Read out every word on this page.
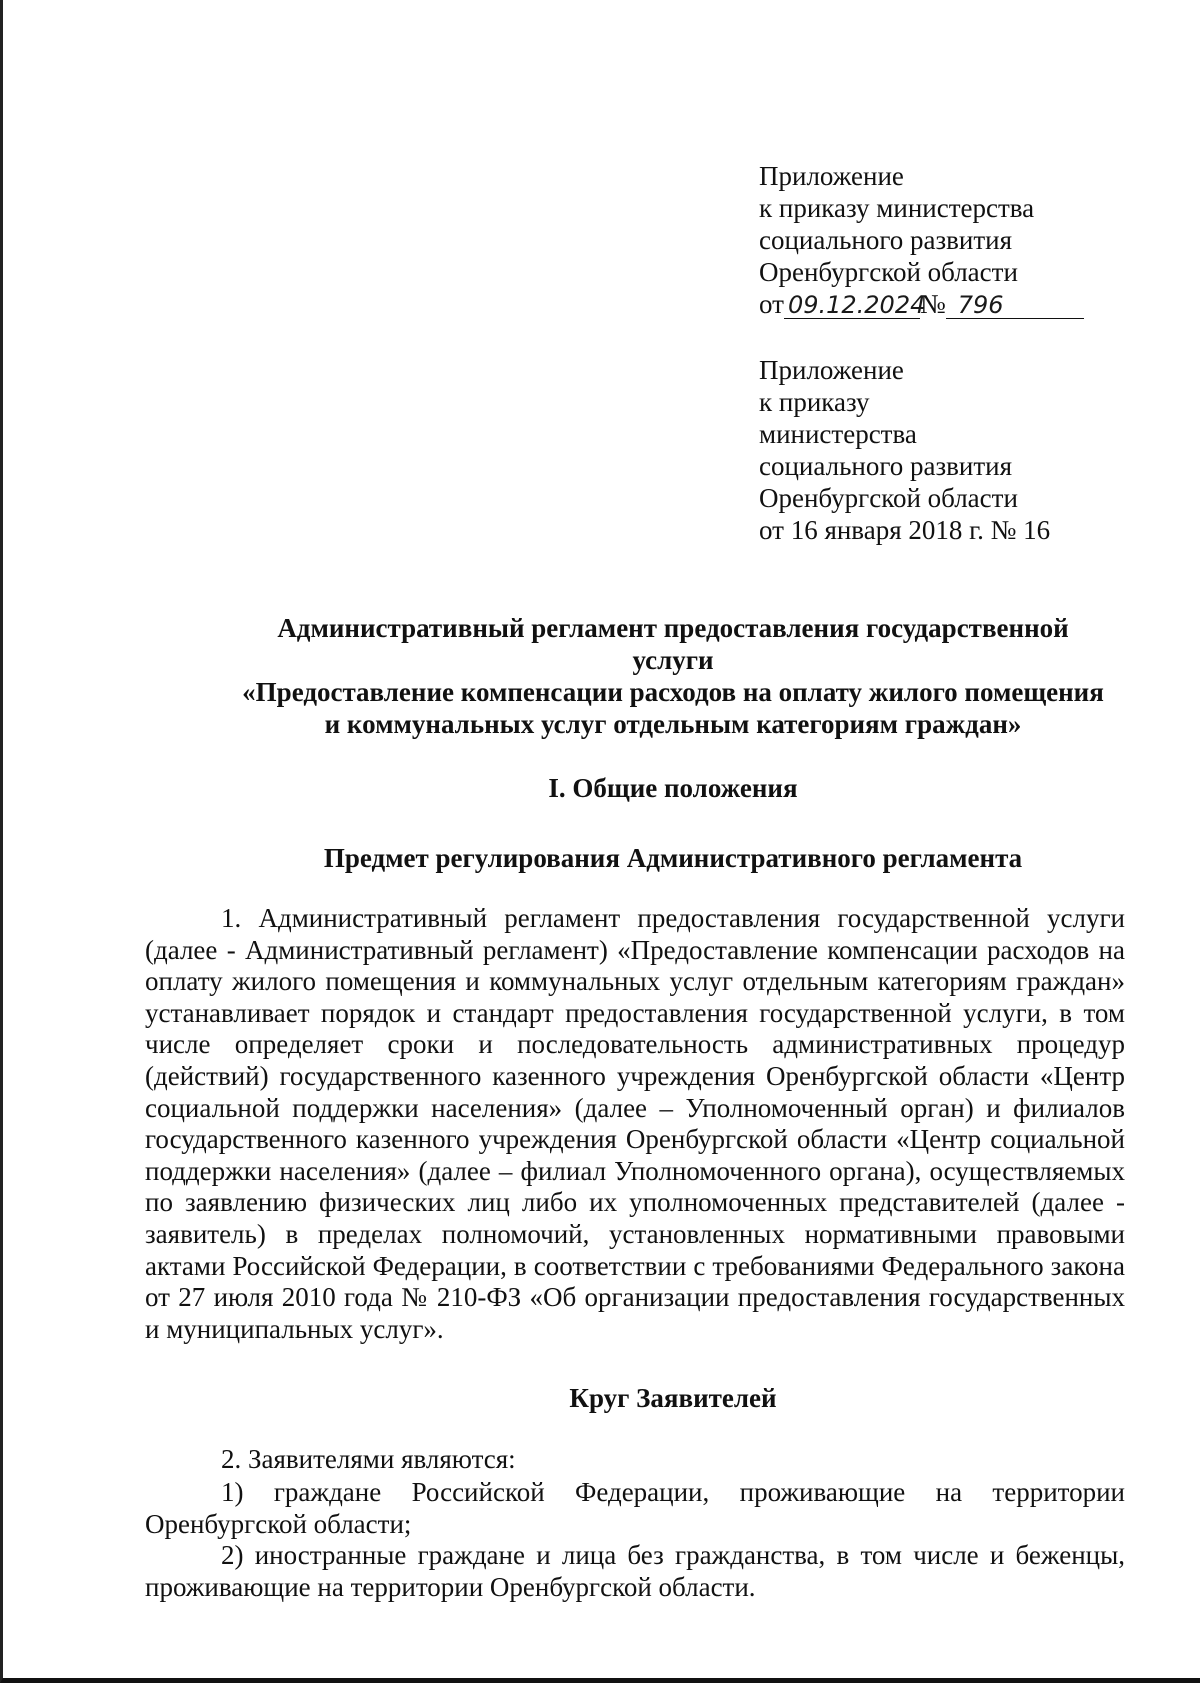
Приложение
к приказу министерства
социального развития
Оренбургской области
от 09.12.2024№ 796
Приложение
к приказу
министерства
социального развития
Оренбургской области
от 16 января 2018 г. № 16
Административный регламент предоставления государственной
услуги
«Предоставление компенсации расходов на оплату жилого помещения
и коммунальных услуг отдельным категориям граждан»
I. Общие положения
Предмет регулирования Административного регламента

1. Административный регламент предоставления государственной услуги (далее - Административный регламент) «Предоставление компенсации расходов на оплату жилого помещения и коммунальных услуг отдельным категориям граждан» устанавливает порядок и стандарт предоставления государственной услуги, в том числе определяет сроки и последовательность административных процедур (действий) государственного казенного учреждения Оренбургской области «Центр социальной поддержки населения» (далее – Уполномоченный орган) и филиалов государственного казенного учреждения Оренбургской области «Центр социальной поддержки населения» (далее – филиал Уполномоченного органа), осуществляемых по заявлению физических лиц либо их уполномоченных представителей (далее - заявитель) в пределах полномочий, установленных нормативными правовыми актами Российской Федерации, в соответствии с требованиями Федерального закона от 27 июля 2010 года № 210-ФЗ «Об организации предоставления государственных и муниципальных услуг».

Круг Заявителей

2. Заявителями являются:

1) граждане Российской Федерации, проживающие на территории Оренбургской области;

2) иностранные граждане и лица без гражданства, в том числе и беженцы, проживающие на территории Оренбургской области.
